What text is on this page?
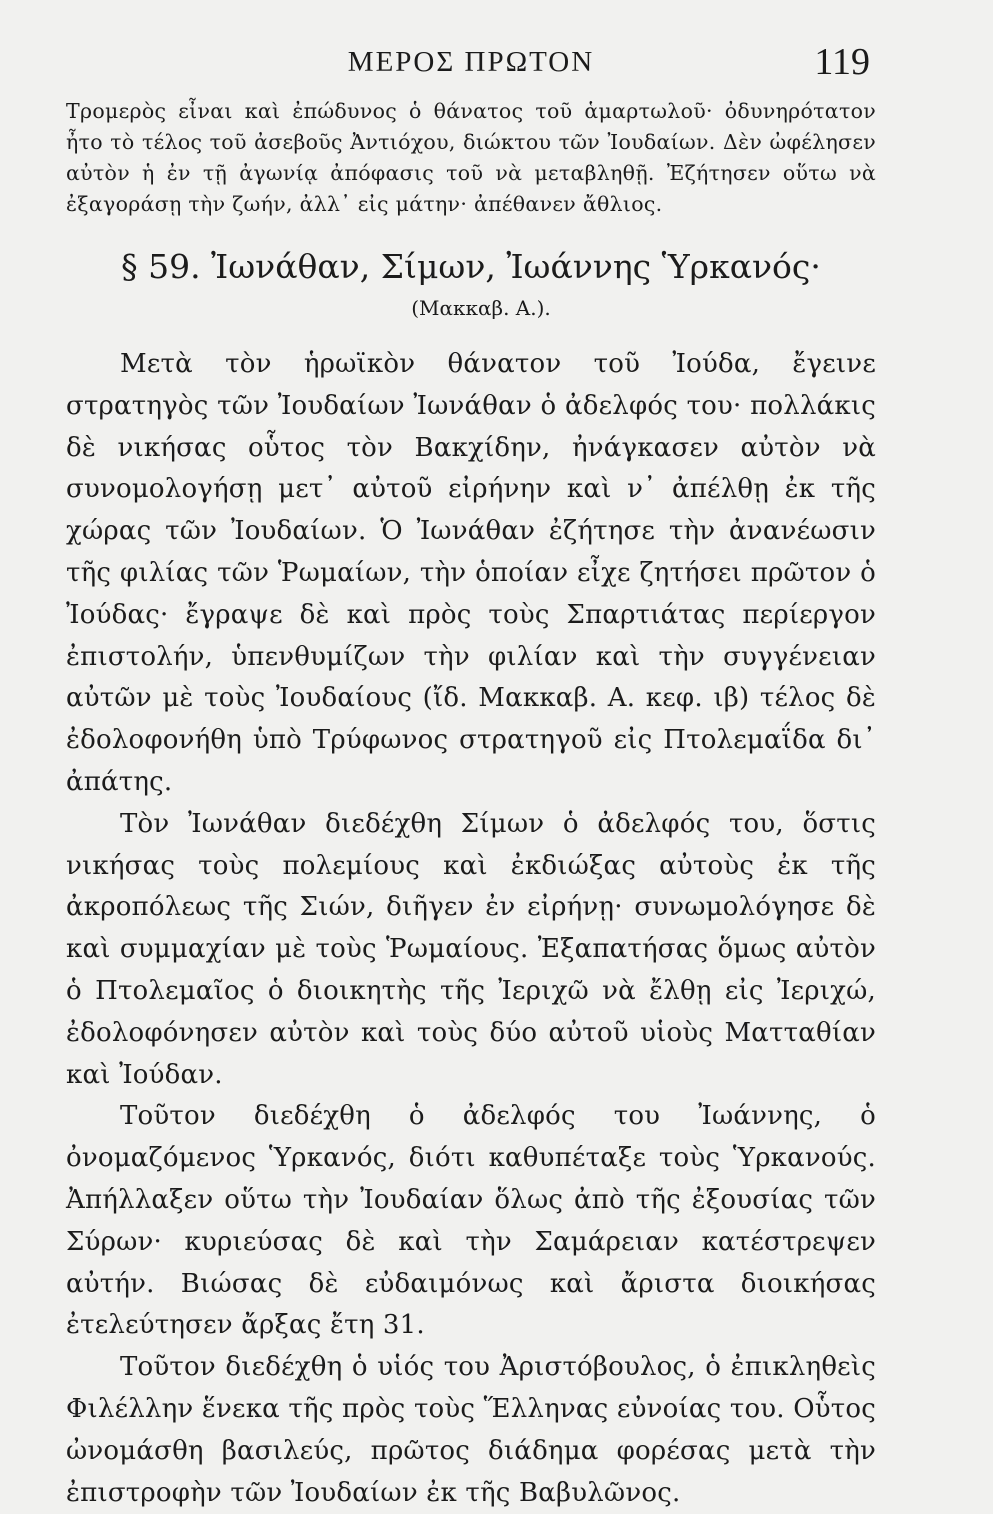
ΜΕΡΟΣ ΠΡΩΤΟΝ	119

Τρομερὸς εἶναι καὶ ἐπώδυνος ὁ θάνατος τοῦ ἁμαρτωλοῦ· ὀδυνηρότατον ἦτο τὸ τέλος τοῦ ἀσεβοῦς Ἀντιόχου, διώκτου τῶν Ἰουδαίων. Δὲν ὠφέλησεν αὐτὸν ἡ ἐν τῇ ἀγωνίᾳ ἀπόφασις τοῦ νὰ μεταβληθῇ. Ἐζήτησεν οὕτω νὰ ἐξαγοράσῃ τὴν ζωήν, ἀλλ᾽ εἰς μάτην· ἀπέθανεν ἄθλιος.

§ 59. Ἰωνάθαν, Σίμων, Ἰωάννης Ὑρκανός·
(Μακκαβ. Α.).

Μετὰ τὸν ἡρωϊκὸν θάνατον τοῦ Ἰούδα, ἔγεινε στρατηγὸς τῶν Ἰουδαίων Ἰωνάθαν ὁ ἀδελφός του· πολλάκις δὲ νικήσας οὗτος τὸν Βακχίδην, ἠνάγκασεν αὐτὸν νὰ συνομολογήσῃ μετ᾽ αὐτοῦ εἰρήνην καὶ ν᾽ ἀπέλθῃ ἐκ τῆς χώρας τῶν Ἰουδαίων. Ὁ Ἰωνάθαν ἐζήτησε τὴν ἀνανέωσιν τῆς φιλίας τῶν Ῥωμαίων, τὴν ὁποίαν εἶχε ζητήσει πρῶτον ὁ Ἰούδας· ἔγραψε δὲ καὶ πρὸς τοὺς Σπαρτιάτας περίεργον ἐπιστολήν, ὑπενθυμίζων τὴν φιλίαν καὶ τὴν συγγένειαν αὐτῶν μὲ τοὺς Ἰουδαίους (ἴδ. Μακκαβ. Α. κεφ. ιβ) τέλος δὲ ἐδολοφονήθη ὑπὸ Τρύφωνος στρατηγοῦ εἰς Πτολεμαΐδα δι᾽ ἀπάτης.

Τὸν Ἰωνάθαν διεδέχθη Σίμων ὁ ἀδελφός του, ὅστις νικήσας τοὺς πολεμίους καὶ ἐκδιώξας αὐτοὺς ἐκ τῆς ἀκροπόλεως τῆς Σιών, διῆγεν ἐν εἰρήνῃ· συνωμολόγησε δὲ καὶ συμμαχίαν μὲ τοὺς Ῥωμαίους. Ἐξαπατήσας ὅμως αὐτὸν ὁ Πτολεμαῖος ὁ διοικητὴς τῆς Ἰεριχῶ νὰ ἔλθῃ εἰς Ἰεριχώ, ἐδολοφόνησεν αὐτὸν καὶ τοὺς δύο αὐτοῦ υἱοὺς Ματταθίαν καὶ Ἰούδαν.

Τοῦτον διεδέχθη ὁ ἀδελφός του Ἰωάννης, ὁ ὀνομαζόμενος Ὑρκανός, διότι καθυπέταξε τοὺς Ὑρκανούς. Ἀπήλλαξεν οὕτω τὴν Ἰουδαίαν ὅλως ἀπὸ τῆς ἐξουσίας τῶν Σύρων· κυριεύσας δὲ καὶ τὴν Σαμάρειαν κατέστρεψεν αὐτήν. Βιώσας δὲ εὐδαιμόνως καὶ ἄριστα διοικήσας ἐτελεύτησεν ἄρξας ἔτη 31.

Τοῦτον διεδέχθη ὁ υἱός του Ἀριστόβουλος, ὁ ἐπικληθεὶς Φιλέλλην ἕνεκα τῆς πρὸς τοὺς Ἕλληνας εὐνοίας του. Οὗτος ὠνομάσθη βασιλεύς, πρῶτος διάδημα φορέσας μετὰ τὴν ἐπιστροφὴν τῶν Ἰουδαίων ἐκ τῆς Βαβυλῶνος.
